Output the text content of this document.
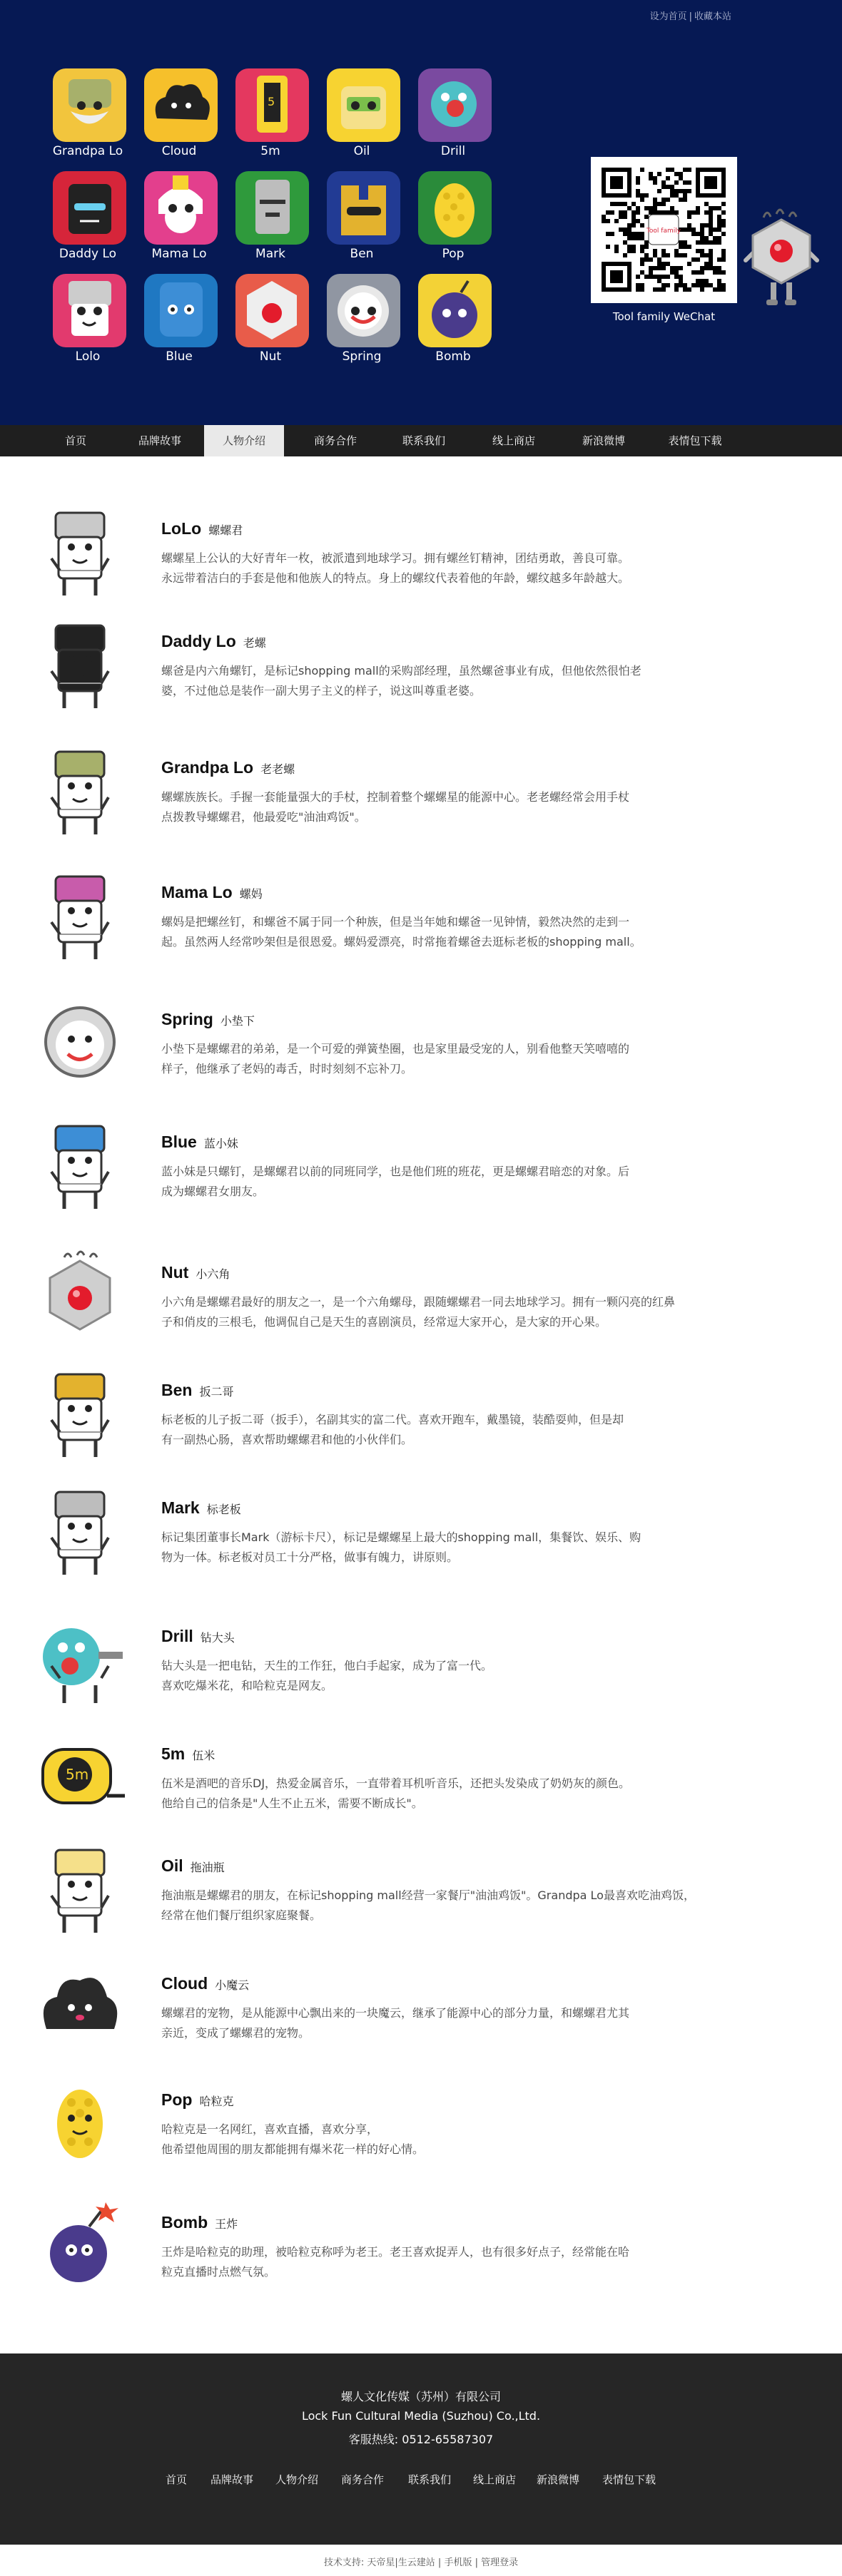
设为首页 | 收藏本站
Grandpa Lo	Cloud
5
5m	Oil	Drill
Daddy Lo	Mama Lo	Mark	Ben	Pop
Lolo	Blue	Nut	Spring	Bomb
Tool family
Tool family WeChat
首页	品牌故事	人物介绍	商务合作	联系我们	线上商店	新浪微博	表情包下载
LoLo 螺螺君
螺螺星上公认的大好青年一枚，被派遣到地球学习。拥有螺丝钉精神，团结勇敢，善良可靠。
永远带着洁白的手套是他和他族人的特点。身上的螺纹代表着他的年龄，螺纹越多年龄越大。
Daddy Lo 老螺
螺爸是内六角螺钉，是标记shopping mall的采购部经理，虽然螺爸事业有成，但他依然很怕老
婆，不过他总是装作一副大男子主义的样子，说这叫尊重老婆。
Grandpa Lo 老老螺
螺螺族族长。手握一套能量强大的手杖，控制着整个螺螺星的能源中心。老老螺经常会用手杖
点拨教导螺螺君，他最爱吃"油油鸡饭"。
Mama Lo 螺妈
螺妈是把螺丝钉，和螺爸不属于同一个种族，但是当年她和螺爸一见钟情，毅然决然的走到一
起。虽然两人经常吵架但是很恩爱。螺妈爱漂亮，时常拖着螺爸去逛标老板的shopping mall。
Spring 小垫下
小垫下是螺螺君的弟弟，是一个可爱的弹簧垫圈，也是家里最受宠的人，别看他整天笑嘻嘻的
样子，他继承了老妈的毒舌，时时刻刻不忘补刀。
Blue 蓝小妹
蓝小妹是只螺钉，是螺螺君以前的同班同学，也是他们班的班花，更是螺螺君暗恋的对象。后
成为螺螺君女朋友。
Nut 小六角
小六角是螺螺君最好的朋友之一，是一个六角螺母，跟随螺螺君一同去地球学习。拥有一颗闪亮的红鼻
子和俏皮的三根毛，他调侃自己是天生的喜剧演员，经常逗大家开心，是大家的开心果。
Ben 扳二哥
标老板的儿子扳二哥（扳手），名副其实的富二代。喜欢开跑车，戴墨镜，装酷耍帅，但是却
有一副热心肠，喜欢帮助螺螺君和他的小伙伴们。
Mark 标老板
标记集团董事长Mark（游标卡尺），标记是螺螺星上最大的shopping mall，集餐饮、娱乐、购
物为一体。标老板对员工十分严格，做事有魄力，讲原则。
Drill 钻大头
钻大头是一把电钻，天生的工作狂，他白手起家，成为了富一代。
喜欢吃爆米花，和哈粒克是网友。
5m
5m 伍米
伍米是酒吧的音乐DJ，热爱金属音乐，一直带着耳机听音乐，还把头发染成了奶奶灰的颜色。
他给自己的信条是"人生不止五米，需要不断成长"。
Oil 拖油瓶
拖油瓶是螺螺君的朋友，在标记shopping mall经营一家餐厅"油油鸡饭"。Grandpa Lo最喜欢吃油鸡饭，
经常在他们餐厅组织家庭聚餐。
Cloud 小魔云
螺螺君的宠物，是从能源中心飘出来的一块魔云，继承了能源中心的部分力量，和螺螺君尤其
亲近，变成了螺螺君的宠物。
Pop 哈粒克
哈粒克是一名网红，喜欢直播，喜欢分享，
他希望他周围的朋友都能拥有爆米花一样的好心情。
Bomb 王炸
王炸是哈粒克的助理，被哈粒克称呼为老王。老王喜欢捉弄人，也有很多好点子，经常能在哈
粒克直播时点燃气氛。
螺人文化传媒（苏州）有限公司
Lock Fun Cultural Media (Suzhou) Co.,Ltd.
客服热线: 0512-65587307
首页 品牌故事 人物介绍 商务合作 联系我们 线上商店 新浪微博 表情包下载
技术支持: 天帝星|生云建站 | 手机版 | 管理登录
